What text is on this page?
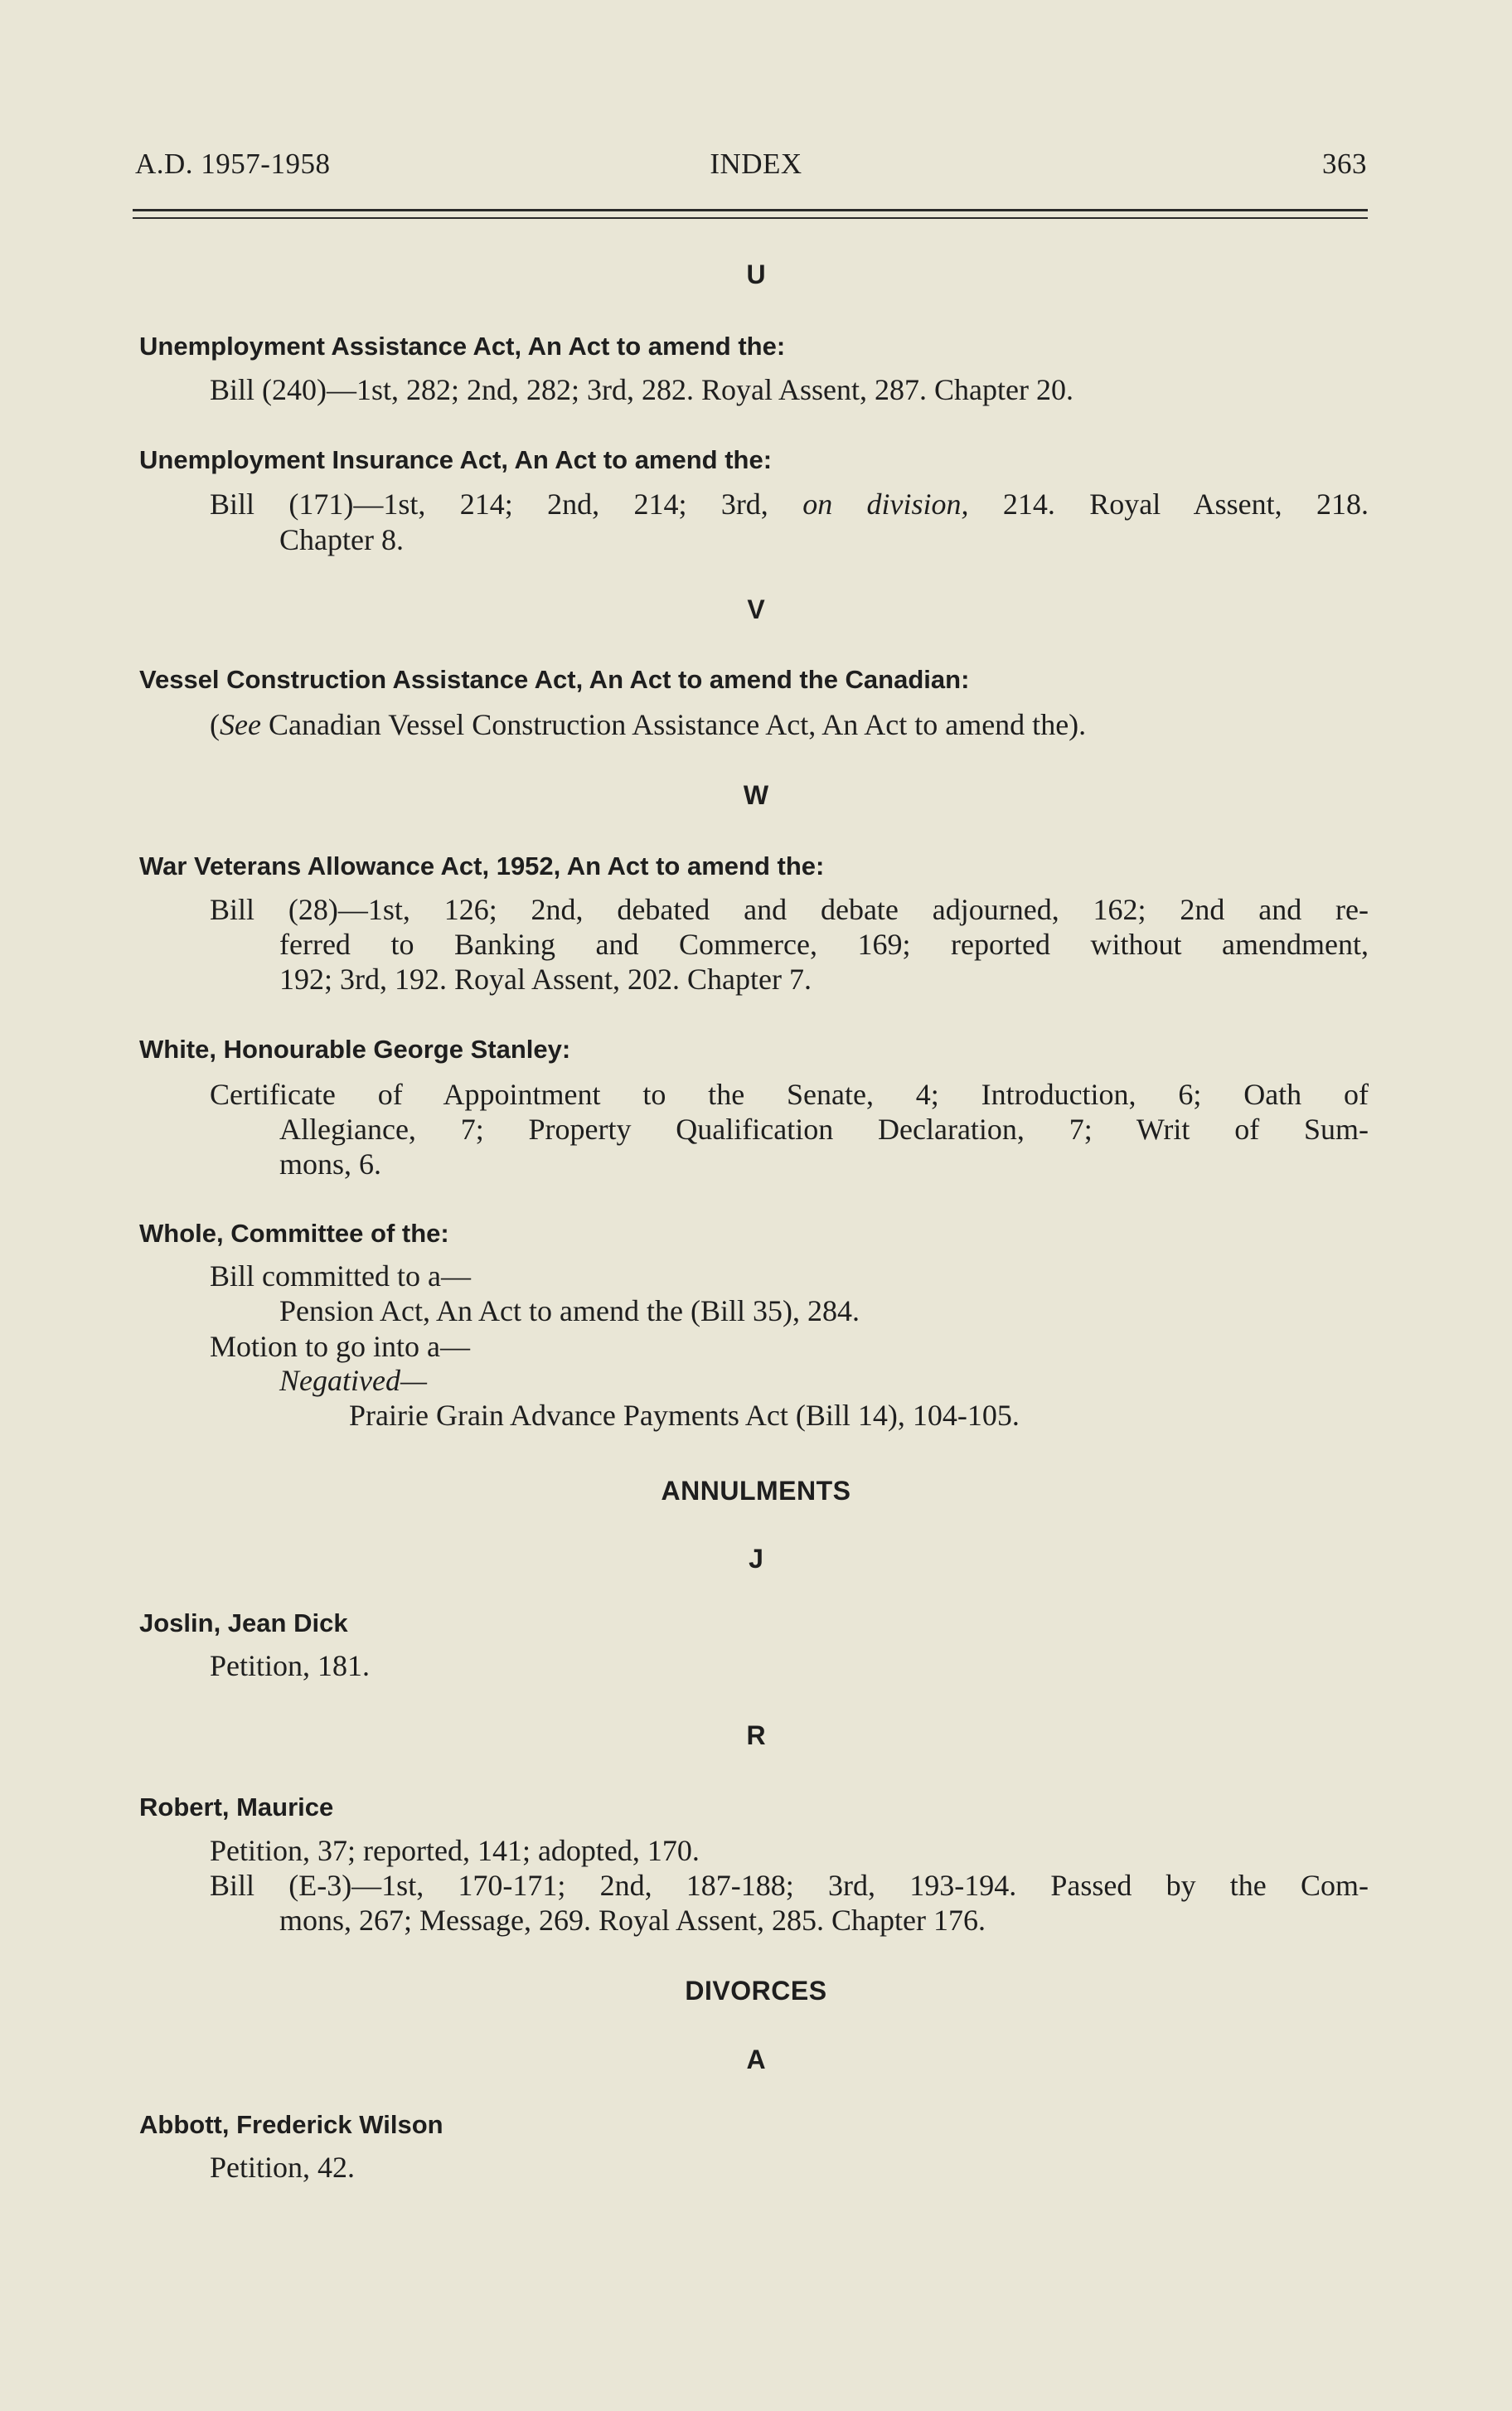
A.D. 1957-1958	INDEX	363
U
Unemployment Assistance Act, An Act to amend the:
Bill (240)—1st, 282; 2nd, 282; 3rd, 282. Royal Assent, 287. Chapter 20.
Unemployment Insurance Act, An Act to amend the:
Bill (171)—1st, 214; 2nd, 214; 3rd, on division, 214. Royal Assent, 218.
Chapter 8.
V
Vessel Construction Assistance Act, An Act to amend the Canadian:
(See Canadian Vessel Construction Assistance Act, An Act to amend the).
W
War Veterans Allowance Act, 1952, An Act to amend the:
Bill (28)—1st, 126; 2nd, debated and debate adjourned, 162; 2nd and re-
ferred to Banking and Commerce, 169; reported without amendment,
192; 3rd, 192. Royal Assent, 202. Chapter 7.
White, Honourable George Stanley:
Certificate of Appointment to the Senate, 4; Introduction, 6; Oath of
Allegiance, 7; Property Qualification Declaration, 7; Writ of Sum-
mons, 6.
Whole, Committee of the:
Bill committed to a—
Pension Act, An Act to amend the (Bill 35), 284.
Motion to go into a—
Negatived—
Prairie Grain Advance Payments Act (Bill 14), 104-105.
ANNULMENTS
J
Joslin, Jean Dick
Petition, 181.
R
Robert, Maurice
Petition, 37; reported, 141; adopted, 170.
Bill (E-3)—1st, 170-171; 2nd, 187-188; 3rd, 193-194. Passed by the Com-
mons, 267; Message, 269. Royal Assent, 285. Chapter 176.
DIVORCES
A
Abbott, Frederick Wilson
Petition, 42.
